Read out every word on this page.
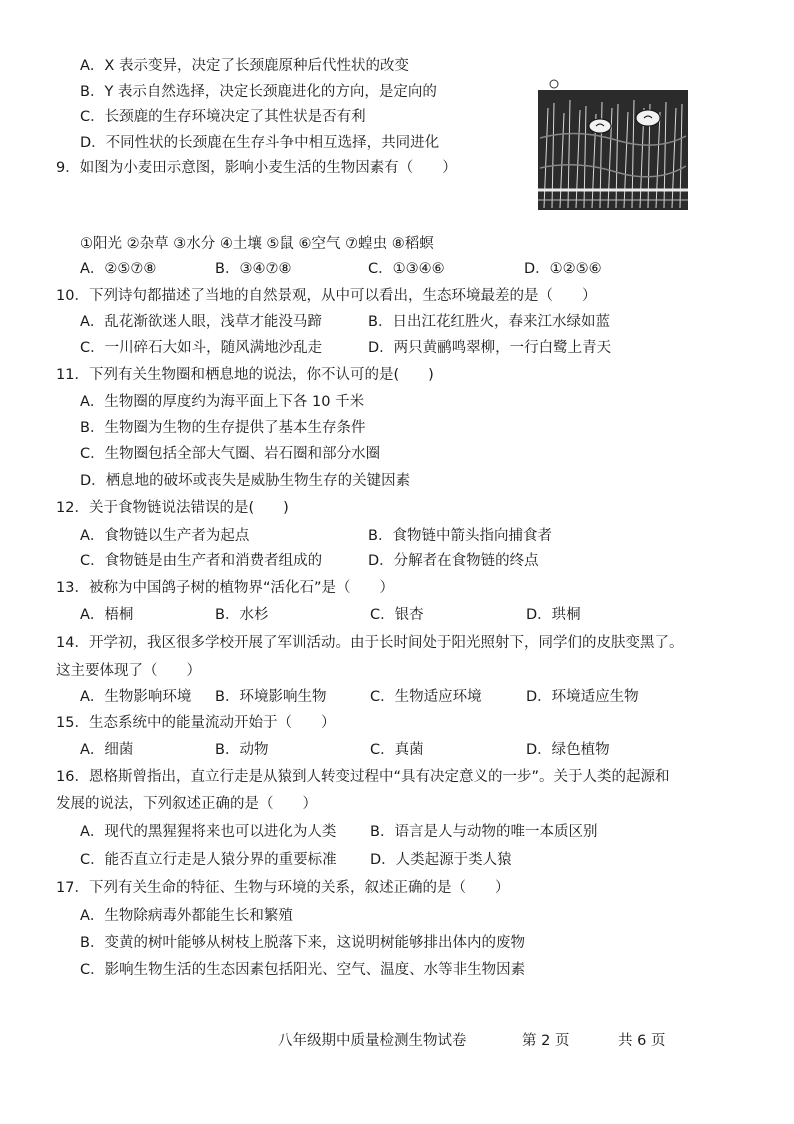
A．X 表示变异，决定了长颈鹿原种后代性状的改变
B．Y 表示自然选择，决定长颈鹿进化的方向，是定向的
C．长颈鹿的生存环境决定了其性状是否有利
D．不同性状的长颈鹿在生存斗争中相互选择，共同进化
9．如图为小麦田示意图，影响小麦生活的生物因素有（　　）
①阳光 ②杂草 ③水分 ④土壤 ⑤鼠 ⑥空气 ⑦蝗虫 ⑧稻螟
A．②⑤⑦⑧	B．③④⑦⑧	C．①③④⑥	D．①②⑤⑥
10．下列诗句都描述了当地的自然景观，从中可以看出，生态环境最差的是（　　）
A．乱花渐欲迷人眼，浅草才能没马蹄	B．日出江花红胜火，春来江水绿如蓝
C．一川碎石大如斗，随风满地沙乱走	D．两只黄鹂鸣翠柳，一行白鹭上青天
11．下列有关生物圈和栖息地的说法，你不认可的是(　　)
A．生物圈的厚度约为海平面上下各 10 千米
B．生物圈为生物的生存提供了基本生存条件
C．生物圈包括全部大气圈、岩石圈和部分水圈
D．栖息地的破坏或丧失是威胁生物生存的关键因素
12．关于食物链说法错误的是(　　)
A．食物链以生产者为起点	B．食物链中箭头指向捕食者
C．食物链是由生产者和消费者组成的	D．分解者在食物链的终点
13．被称为中国鸽子树的植物界“活化石”是（　　）
A．梧桐	B．水杉	C．银杏	D．珙桐
14．开学初，我区很多学校开展了军训活动。由于长时间处于阳光照射下，同学们的皮肤变黑了。
这主要体现了（　　）
A．生物影响环境 B．环境影响生物	C．生物适应环境	D．环境适应生物
15．生态系统中的能量流动开始于（　　）
A．细菌	B．动物	C．真菌	D．绿色植物
16．恩格斯曾指出，直立行走是从猿到人转变过程中“具有决定意义的一步”。关于人类的起源和
发展的说法，下列叙述正确的是（　　）
A．现代的黑猩猩将来也可以进化为人类 B．语言是人与动物的唯一本质区别
C．能否直立行走是人猿分界的重要标准 D．人类起源于类人猿
17．下列有关生命的特征、生物与环境的关系，叙述正确的是（　　）
A．生物除病毒外都能生长和繁殖
B．变黄的树叶能够从树枝上脱落下来，这说明树能够排出体内的废物
C．影响生物生活的生态因素包括阳光、空气、温度、水等非生物因素
八年级期中质量检测生物试卷	第 2 页	共 6 页
